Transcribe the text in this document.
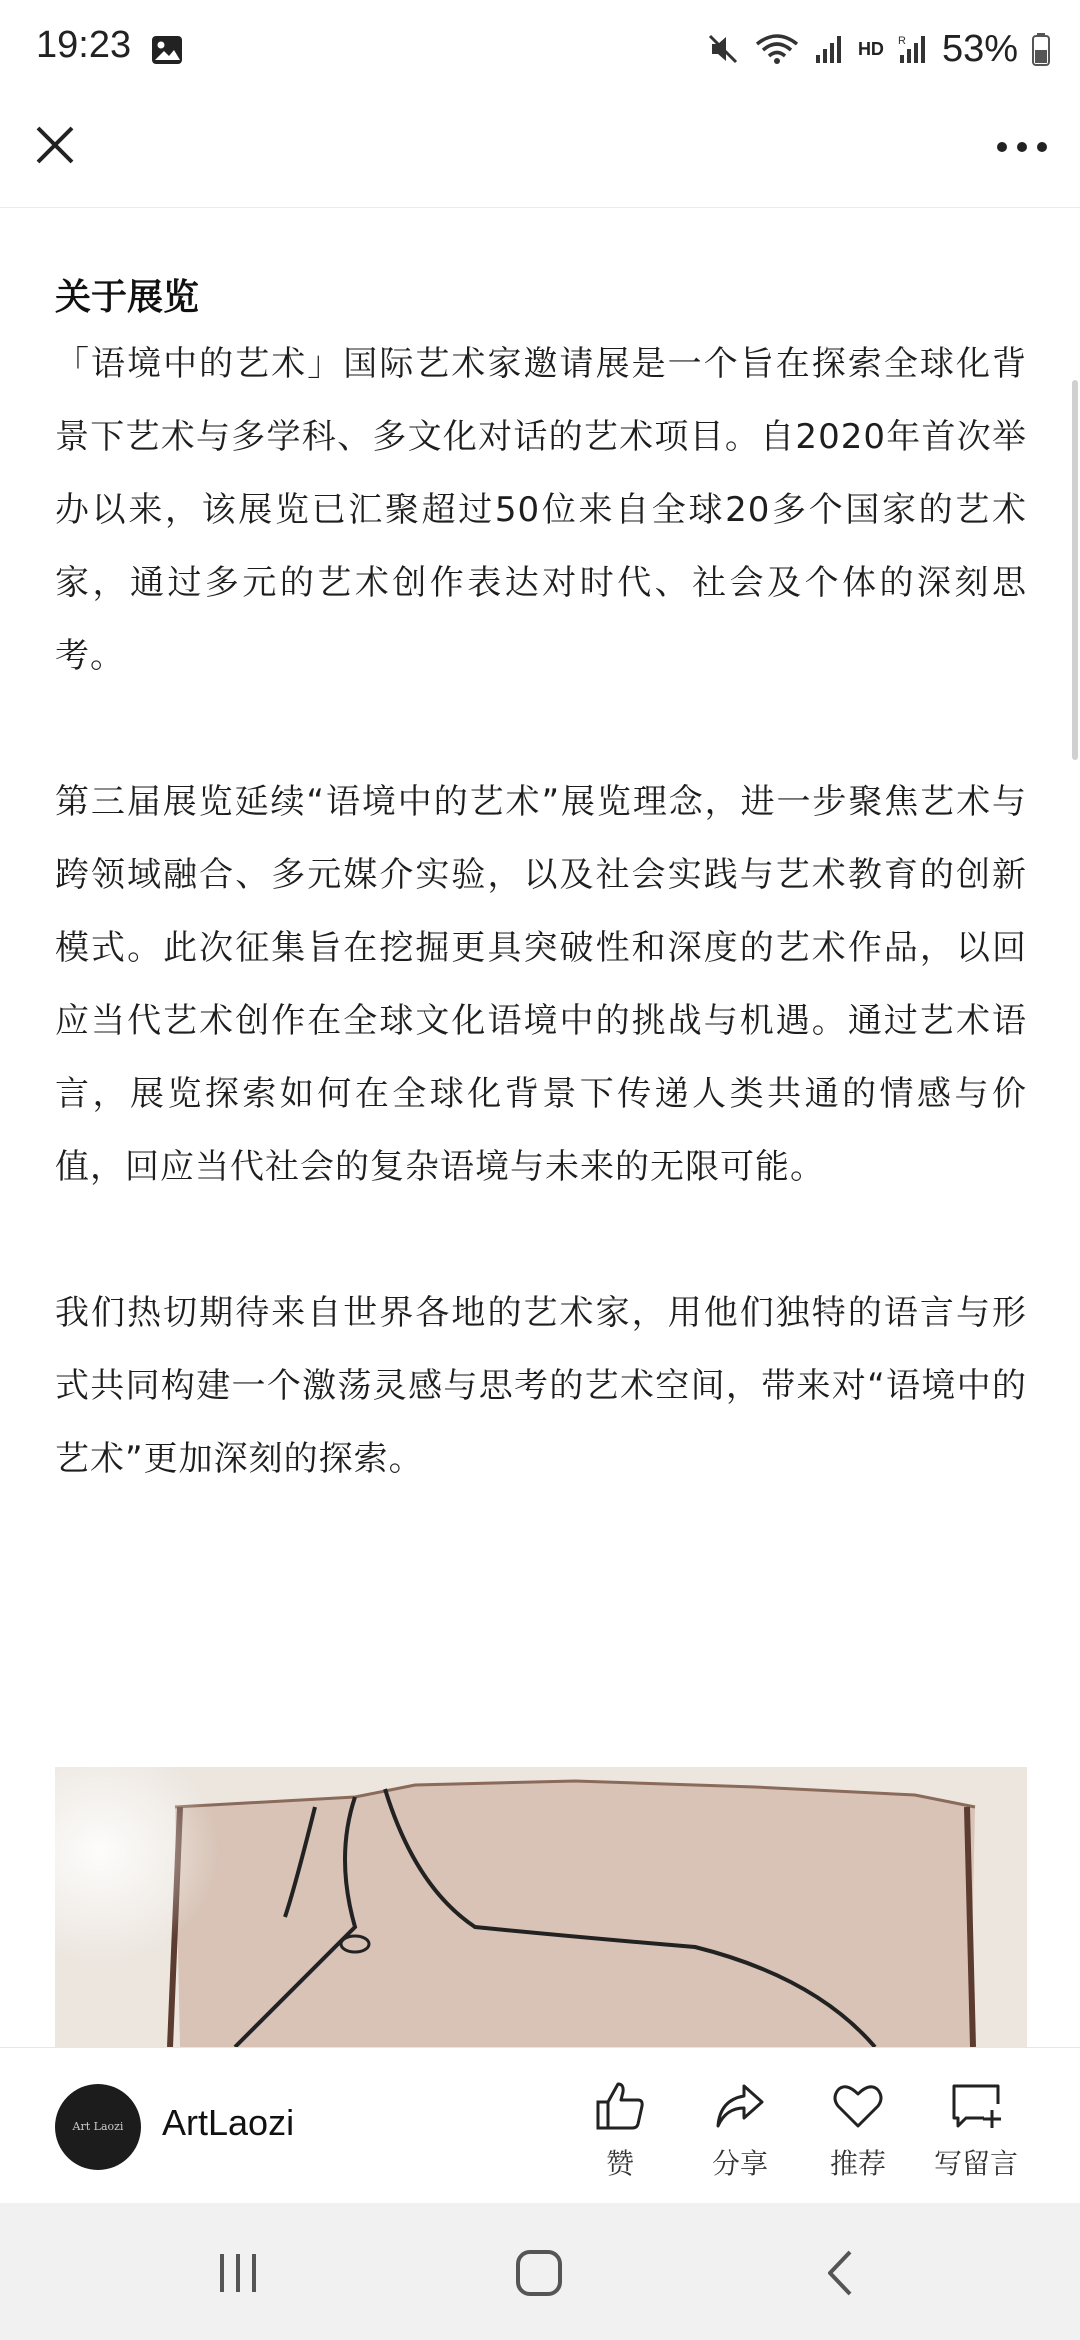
19:23	HD R 53%
关于展览

「语境中的艺术」国际艺术家邀请展是一个旨在探索全球化背景下艺术与多学科、多文化对话的艺术项目。自2020年首次举办以来，该展览已汇聚超过50位来自全球20多个国家的艺术家，通过多元的艺术创作表达对时代、社会及个体的深刻思考。

第三届展览延续“语境中的艺术”展览理念，进一步聚焦艺术与跨领域融合、多元媒介实验，以及社会实践与艺术教育的创新模式。此次征集旨在挖掘更具突破性和深度的艺术作品，以回应当代艺术创作在全球文化语境中的挑战与机遇。通过艺术语言，展览探索如何在全球化背景下传递人类共通的情感与价值，回应当代社会的复杂语境与未来的无限可能。

我们热切期待来自世界各地的艺术家，用他们独特的语言与形式共同构建一个激荡灵感与思考的艺术空间，带来对“语境中的艺术”更加深刻的探索。

Art Laozi	ArtLaozi
赞	分享	推荐	写留言
